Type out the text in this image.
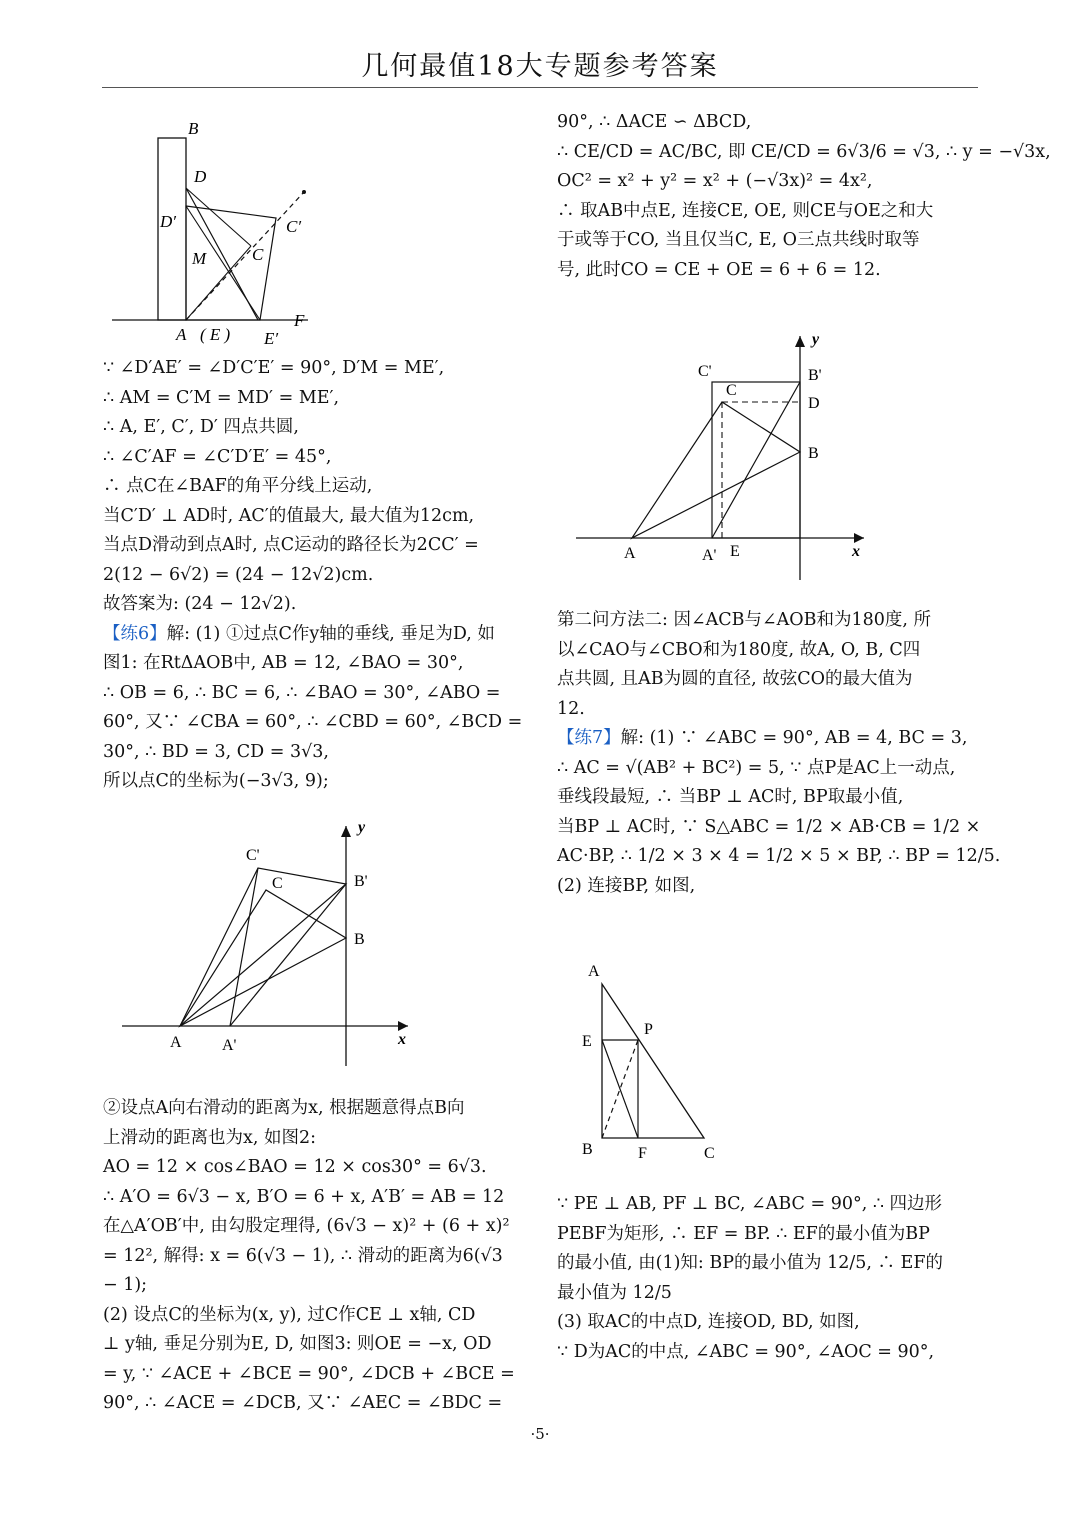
几何最值18大专题参考答案
B
D
D′
M	C
C′
A ( E ) E′
F

∵ ∠D′AE′ = ∠D′C′E′ = 90°, D′M = ME′,

∴ AM = C′M = MD′ = ME′,

∴ A, E′, C′, D′ 四点共圆,

∴ ∠C′AF = ∠C′D′E′ = 45°,

∴ 点C在∠BAF的角平分线上运动,

当C′D′ ⊥ AD时, AC′的值最大, 最大值为12cm,

当点D滑动到点A时, 点C运动的路径长为2CC′ =

2(12 − 6√2) = (24 − 12√2)cm.

故答案为: (24 − 12√2).

【练6】解: (1) ①过点C作y轴的垂线, 垂足为D, 如

图1: 在RtΔAOB中, AB = 12, ∠BAO = 30°,

∴ OB = 6, ∴ BC = 6, ∴ ∠BAO = 30°, ∠ABO =

60°, 又∵ ∠CBA = 60°, ∴ ∠CBD = 60°, ∠BCD =

30°, ∴ BD = 3, CD = 3√3,

所以点C的坐标为(−3√3, 9);

y
C'
C	B'
B
A	A'	x

②设点A向右滑动的距离为x, 根据题意得点B向

上滑动的距离也为x, 如图2:

AO = 12 × cos∠BAO = 12 × cos30° = 6√3.

∴ A′O = 6√3 − x, B′O = 6 + x, A′B′ = AB = 12

在△A′OB′中, 由勾股定理得, (6√3 − x)² + (6 + x)²

= 12², 解得: x = 6(√3 − 1), ∴ 滑动的距离为6(√3

− 1);

(2) 设点C的坐标为(x, y), 过C作CE ⊥ x轴, CD

⊥ y轴, 垂足分别为E, D, 如图3: 则OE = −x, OD

= y, ∵ ∠ACE + ∠BCE = 90°, ∠DCB + ∠BCE =

90°, ∴ ∠ACE = ∠DCB, 又∵ ∠AEC = ∠BDC =

90°, ∴ ΔACE ∽ ΔBCD,

∴ CE/CD = AC/BC, 即 CE/CD = 6√3/6 = √3, ∴ y = −√3x,

OC² = x² + y² = x² + (−√3x)² = 4x²,

∴ 取AB中点E, 连接CE, OE, 则CE与OE之和大

于或等于CO, 当且仅当C, E, O三点共线时取等

号, 此时CO = CE + OE = 6 + 6 = 12.

y
C'
C
B'
D
B
A	A' E	x

第二问方法二: 因∠ACB与∠AOB和为180度, 所

以∠CAO与∠CBO和为180度, 故A, O, B, C四

点共圆, 且AB为圆的直径, 故弦CO的最大值为

12.

【练7】解: (1) ∵ ∠ABC = 90°, AB = 4, BC = 3,

∴ AC = √(AB² + BC²) = 5, ∵ 点P是AC上一动点,

垂线段最短, ∴ 当BP ⊥ AC时, BP取最小值,

当BP ⊥ AC时, ∵ S△ABC = 1/2 × AB·CB = 1/2 ×

AC·BP, ∴ 1/2 × 3 × 4 = 1/2 × 5 × BP, ∴ BP = 12/5.

(2) 连接BP, 如图,

A
E
P
B	F	C

∵ PE ⊥ AB, PF ⊥ BC, ∠ABC = 90°, ∴ 四边形

PEBF为矩形, ∴ EF = BP. ∴ EF的最小值为BP

的最小值, 由(1)知: BP的最小值为 12/5, ∴ EF的

最小值为 12/5

(3) 取AC的中点D, 连接OD, BD, 如图,

∵ D为AC的中点, ∠ABC = 90°, ∠AOC = 90°,

·5·
